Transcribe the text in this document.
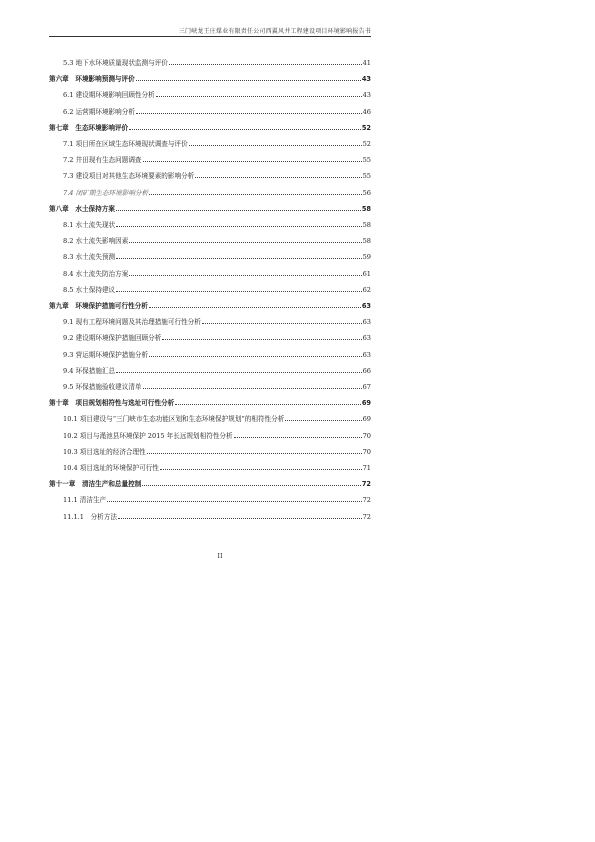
三门峡龙王庄煤业有限责任公司西翼风井工程建设项目环境影响报告书
5.3 地下水环境质量现状监测与评价	41
第六章　环境影响预测与评价	43
6.1 建设期环境影响回顾性分析	43
6.2 运营期环境影响分析	46
第七章　生态环境影响评价	52
7.1 项目所在区域生态环境现状调查与评价	52
7.2 井田现有生态问题调查	55
7.3 建设项目对其他生态环境要素的影响分析	55
7.4 闭矿期生态环境影响分析	56
第八章　水土保持方案	58
8.1 水土流失现状	58
8.2 水土流失影响因素	58
8.3 水土流失预测	59
8.4 水土流失防治方案	61
8.5 水土保持建议	62
第九章　环境保护措施可行性分析	63
9.1 现有工程环境问题及其治理措施可行性分析	63
9.2 建设期环境保护措施回顾分析	63
9.3 营运期环境保护措施分析	63
9.4 环保措施汇总	66
9.5 环保措施验收建议清单	67
第十章　项目规划相符性与选址可行性分析	69
10.1 项目建设与“三门峡市生态功能区划和生态环境保护规划”的相符性分析	69
10.2 项目与渑池县环境保护 2015 年长远规划相符性分析	70
10.3 项目选址的经济合理性	70
10.4 项目选址的环境保护可行性	71
第十一章　清洁生产和总量控制	72
11.1 清洁生产	72
11.1.1　分析方法	72
II
